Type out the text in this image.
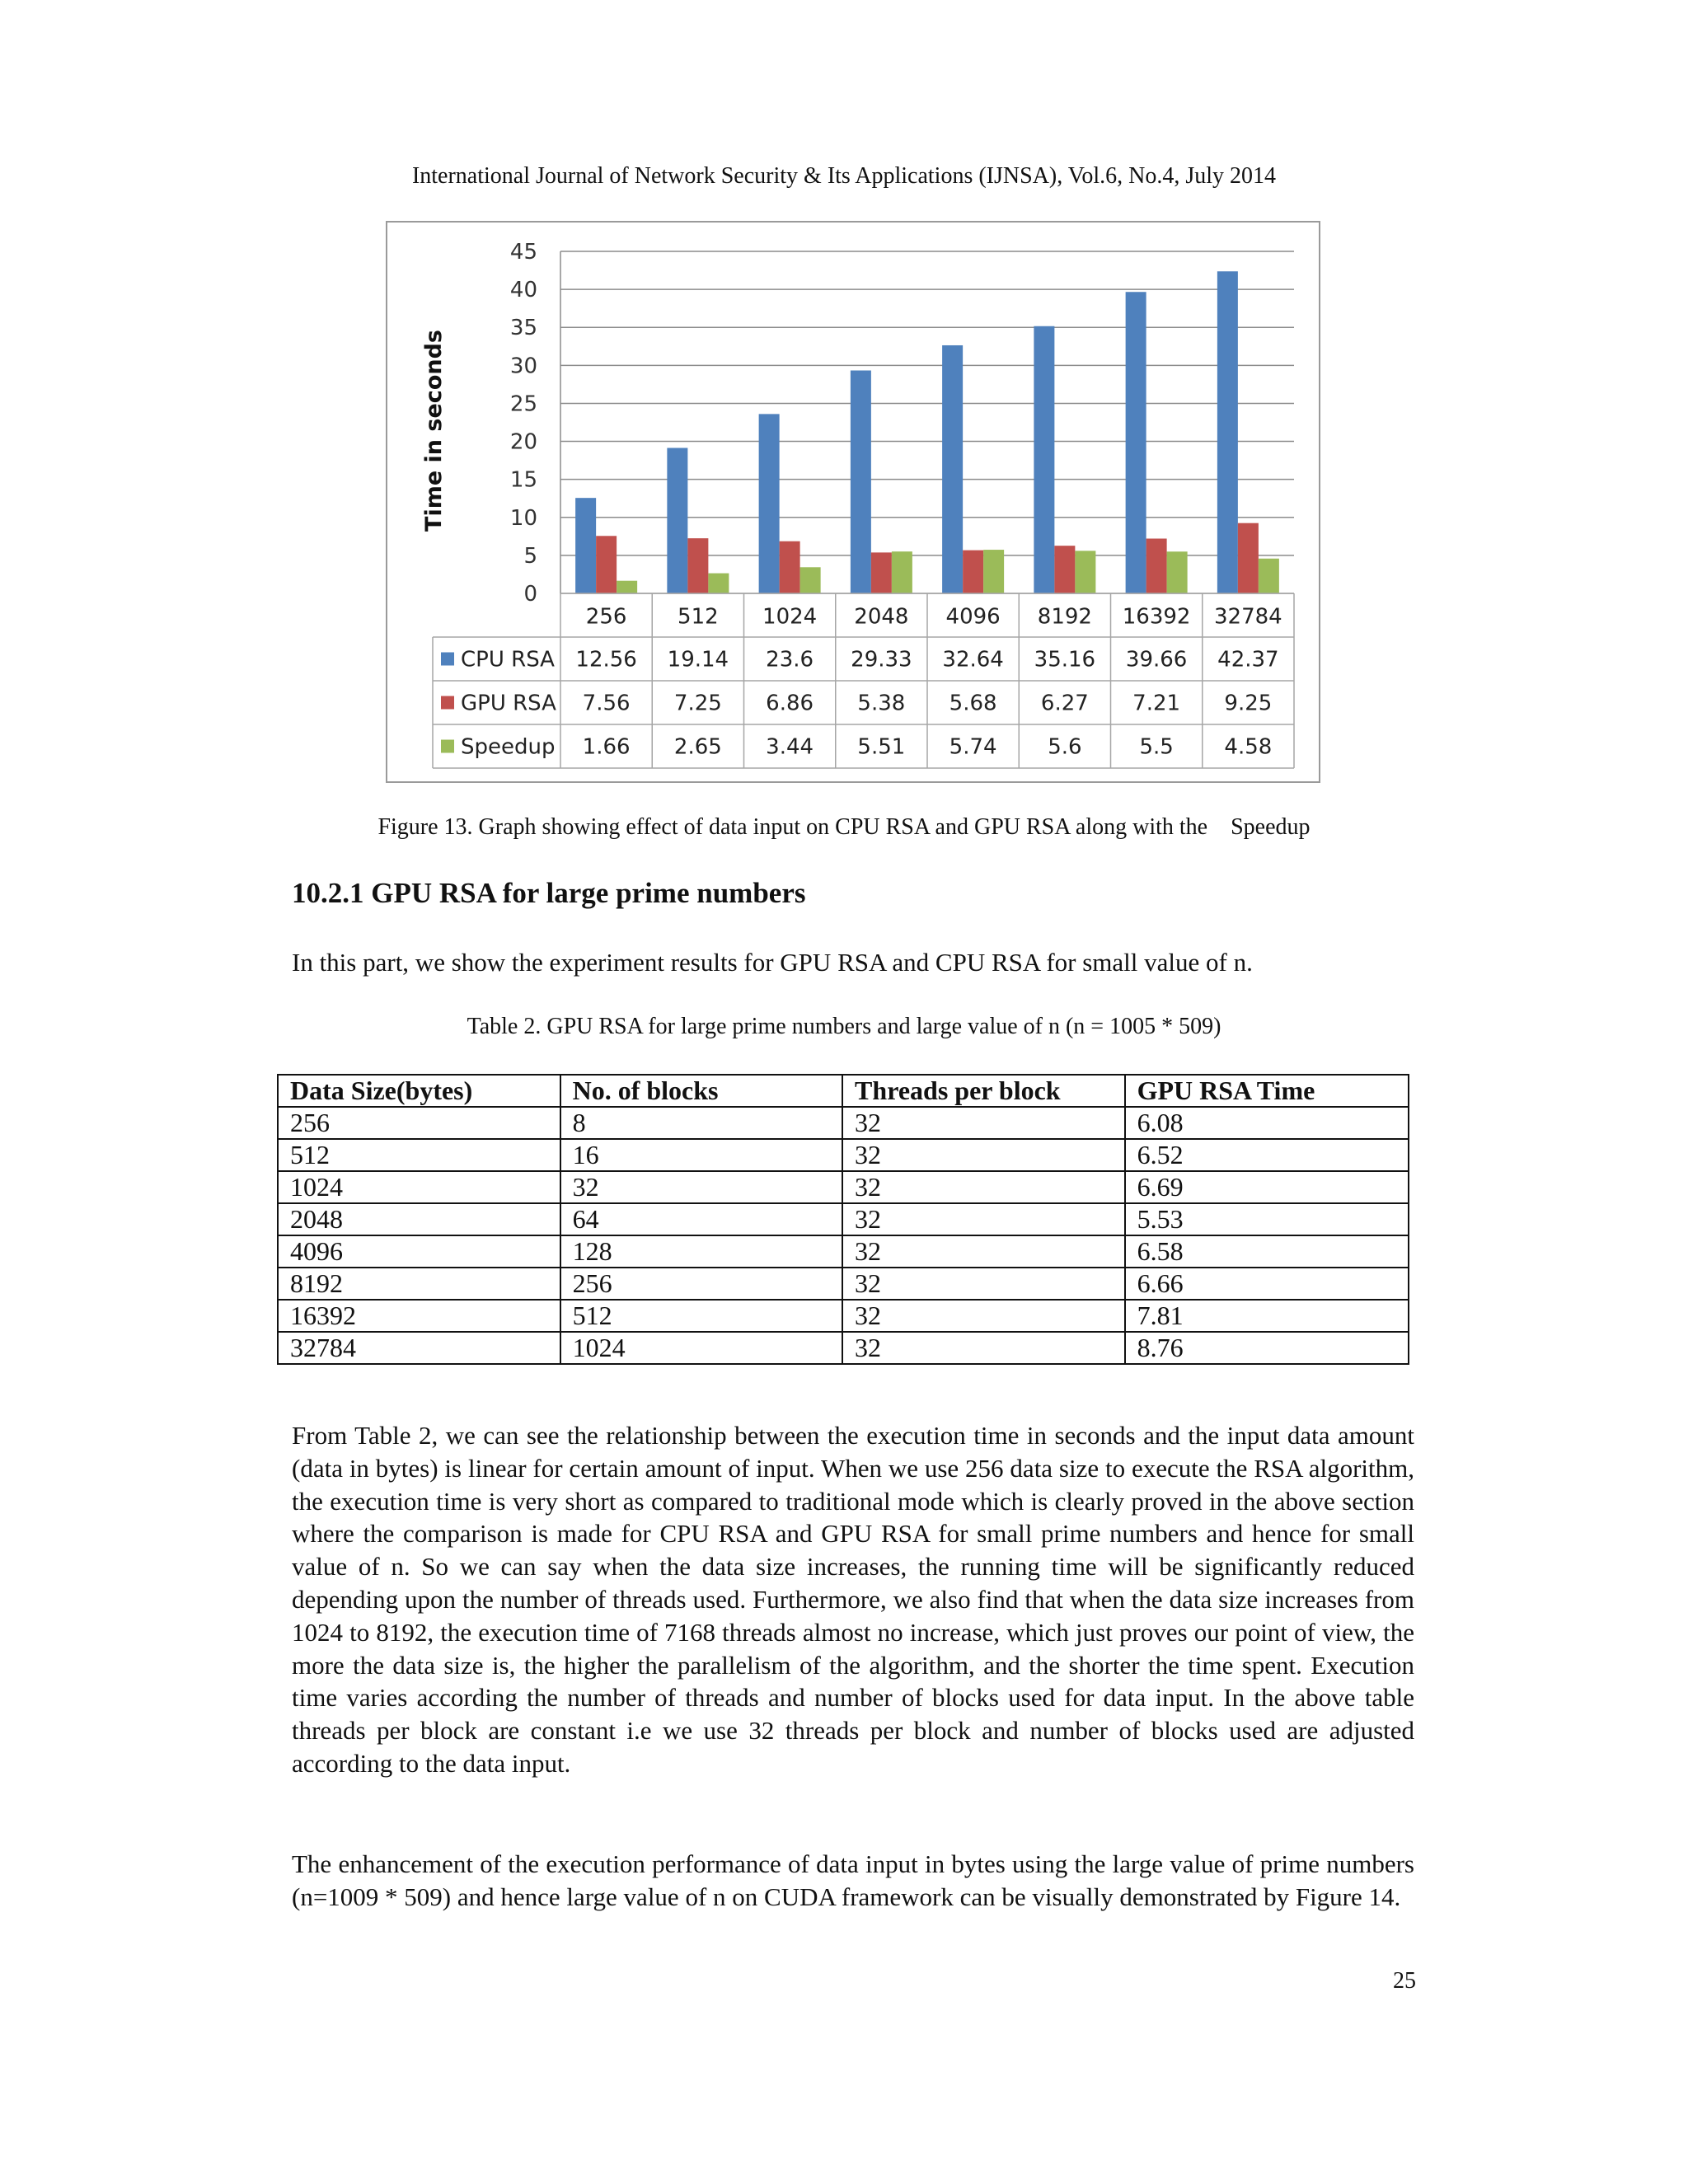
International Journal of Network Security & Its Applications (IJNSA), Vol.6, No.4, July 2014
0
5
10
15
20
25
30
35
40
45
Time in seconds
256 512 1024 2048 4096 8192 16392 32784
CPU RSA 12.56 19.14 23.6 29.33 32.64 35.16 39.66 42.37
GPU RSA 7.56 7.25 6.86 5.38 5.68 6.27 7.21 9.25
Speedup 1.66 2.65 3.44 5.51 5.74 5.6	5.5 4.58
Figure 13. Graph showing effect of data input on CPU RSA and GPU RSA along with the    Speedup
10.2.1 GPU RSA for large prime numbers
In this part, we show the experiment results for GPU RSA and CPU RSA for small value of n.
Table 2. GPU RSA for large prime numbers and large value of n (n = 1005 * 509)
Data Size(bytes)	No. of blocks	Threads per block	GPU RSA Time
256	8	32	6.08
512	16	32	6.52
1024	32	32	6.69
2048	64	32	5.53
4096	128	32	6.58
8192	256	32	6.66
16392	512	32	7.81
32784	1024	32	8.76
From Table 2, we can see the relationship between the execution time in seconds and the input data amount (data in bytes) is linear for certain amount of input. When we use 256 data size to execute the RSA algorithm, the execution time is very short as compared to traditional mode which is clearly proved in the above section where the comparison is made for CPU RSA and GPU RSA for small prime numbers and hence for small value of n. So we can say when the data size increases, the running time will be significantly reduced depending upon the number of threads used. Furthermore, we also find that when the data size increases from 1024 to 8192, the execution time of 7168 threads almost no increase, which just proves our point of view, the more the data size is, the higher the parallelism of the algorithm, and the shorter the time spent. Execution time varies according the number of threads and number of blocks used for data input. In the above table threads per block are constant i.e we use 32 threads per block and number of blocks used are adjusted according to the data input.
The enhancement of the execution performance of data input in bytes using the large value of prime numbers (n=1009 * 509) and hence large value of n on CUDA framework can be visually demonstrated by Figure 14.
25
